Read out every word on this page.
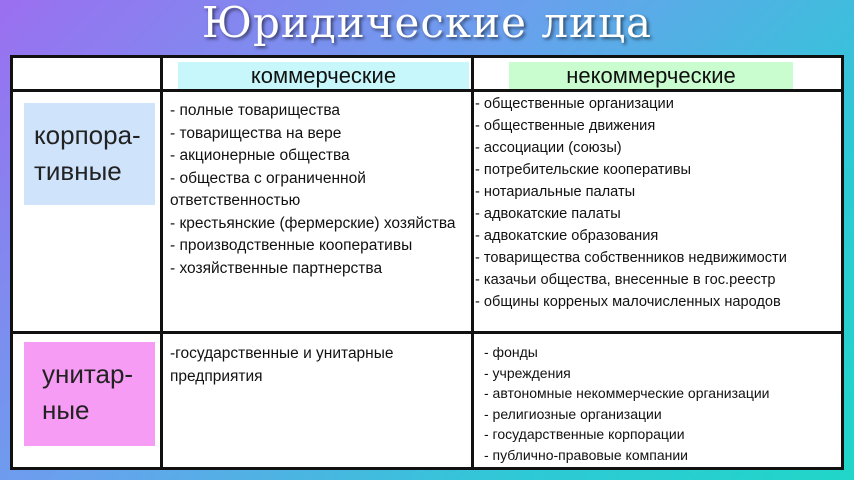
Юридические лица
коммерческие	некоммерческие
корпора-
тивные
унитар-
ные
- полные товарищества
- товарищества на вере
- акционерные общества
- общества с ограниченной ответственностью
- крестьянские (фермерские) хозяйства
- производственные кооперативы
- хозяйственные партнерства
- общественные организации
- общественные движения
- ассоциации (союзы)
- потребительские кооперативы
- нотариальные палаты
- адвокатские палаты
- адвокатские образования
- товарищества собственников недвижимости
- казачьи общества, внесенные в гос.реестр
- общины корреных малочисленных народов
-государственные и унитарные предприятия
- фонды
- учреждения
- автономные некоммерческие организации
- религиозные организации
- государственные корпорации
- публично-правовые компании
